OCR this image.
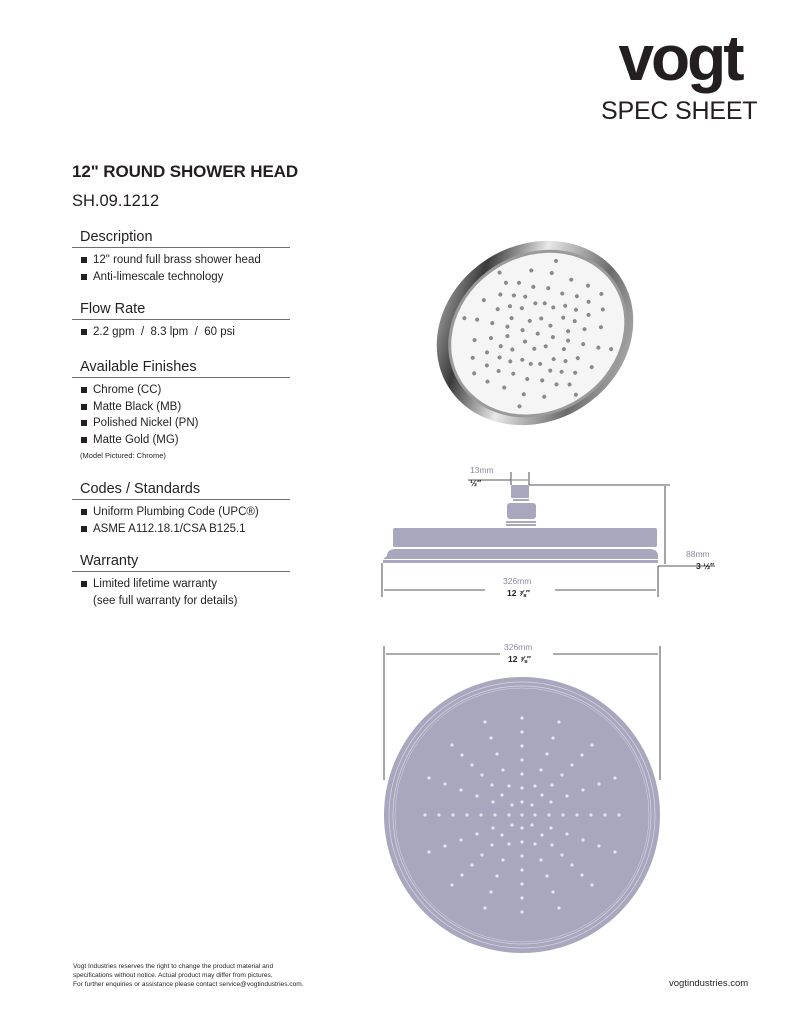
vogt
SPEC SHEET
12" ROUND SHOWER HEAD
SH.09.1212
Description
12" round full brass shower head
Anti-limescale technology
Flow Rate
2.2 gpm  /  8.3 lpm  /  60 psi
Available Finishes
Chrome (CC)
Matte Black (MB)
Polished Nickel (PN)
Matte Gold (MG)
(Model Pictured: Chrome)
Codes / Standards
Uniform Plumbing Code (UPC®)
ASME A112.18.1/CSA B125.1
Warranty
Limited lifetime warranty
(see full warranty for details)
13mm
½″
88mm
3 ½″
326mm
12 ⅞″
326mm
12 ⅞″
Vogt Industries reserves the right to change the product material and
specifications without notice. Actual product may differ from pictures.
For further enquiries or assistance please contact service@vogtindustries.com.	vogtindustries.com
